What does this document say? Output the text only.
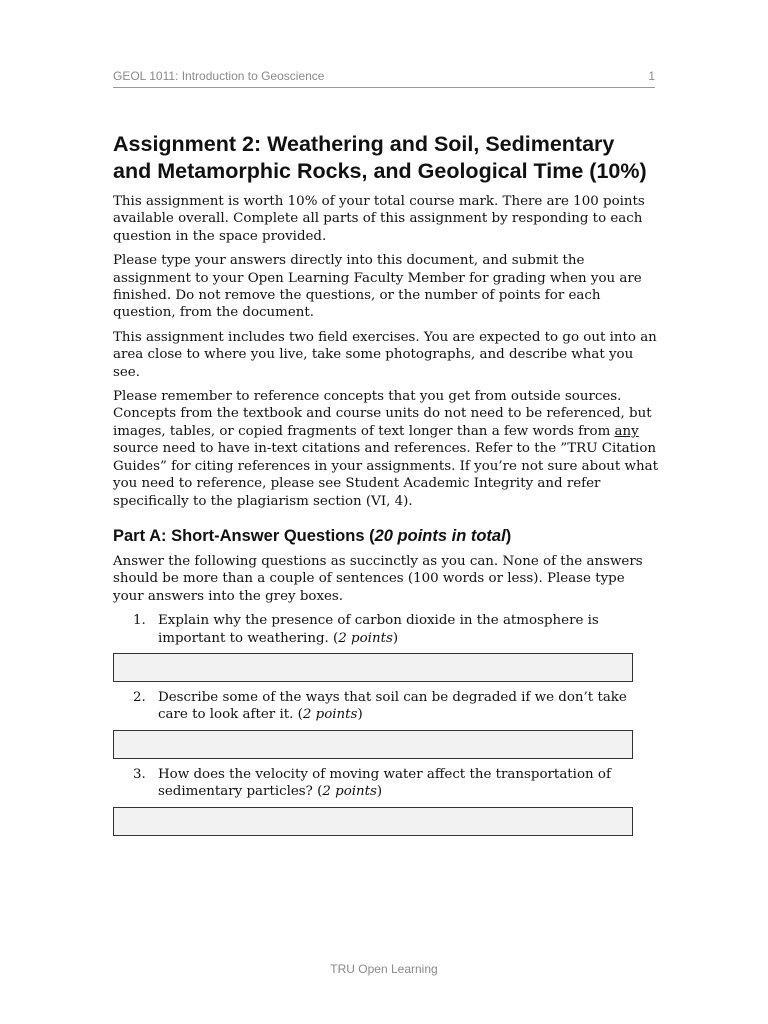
GEOL 1011: Introduction to Geoscience	1
Assignment 2: Weathering and Soil, Sedimentary and Metamorphic Rocks, and Geological Time (10%)

This assignment is worth 10% of your total course mark. There are 100 points available overall. Complete all parts of this assignment by responding to each question in the space provided.

Please type your answers directly into this document, and submit the assignment to your Open Learning Faculty Member for grading when you are finished. Do not remove the questions, or the number of points for each question, from the document.

This assignment includes two field exercises. You are expected to go out into an area close to where you live, take some photographs, and describe what you see.

Please remember to reference concepts that you get from outside sources. Concepts from the textbook and course units do not need to be referenced, but images, tables, or copied fragments of text longer than a few words from any source need to have in-text citations and references. Refer to the ”TRU Citation Guides” for citing references in your assignments. If you’re not sure about what you need to reference, please see Student Academic Integrity and refer specifically to the plagiarism section (VI, 4).

Part A: Short-Answer Questions (20 points in total)

Answer the following questions as succinctly as you can. None of the answers should be more than a couple of sentences (100 words or less). Please type your answers into the grey boxes.

1. Explain why the presence of carbon dioxide in the atmosphere is important to weathering. (2 points)
2. Describe some of the ways that soil can be degraded if we don’t take care to look after it. (2 points)
3. How does the velocity of moving water affect the transportation of sedimentary particles? (2 points)
TRU Open Learning
